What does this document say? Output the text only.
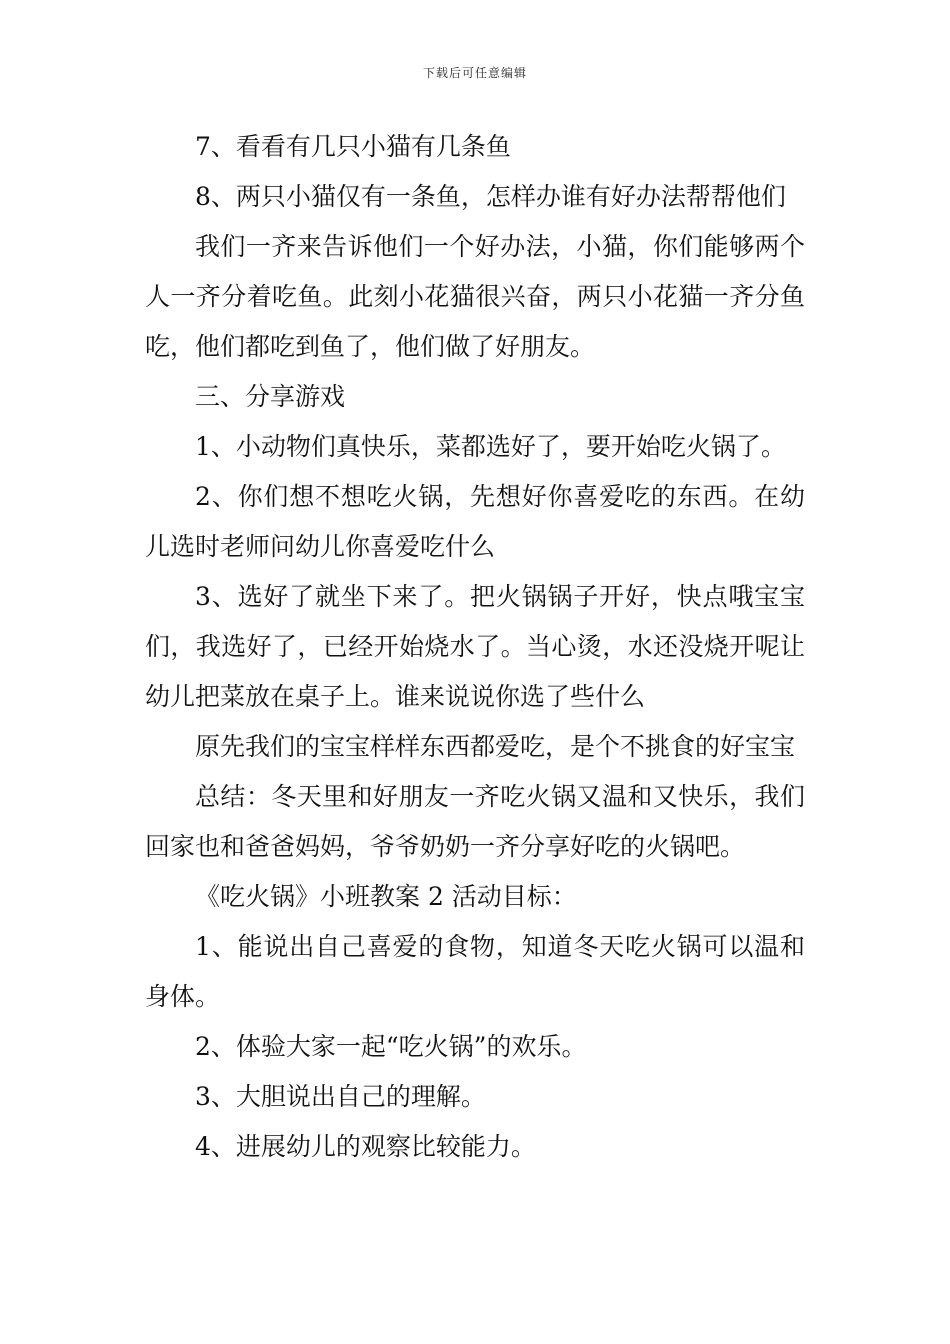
下载后可任意编辑

7、看看有几只小猫有几条鱼

8、两只小猫仅有一条鱼，怎样办谁有好办法帮帮他们

我们一齐来告诉他们一个好办法，小猫，你们能够两个人一齐分着吃鱼。此刻小花猫很兴奋，两只小花猫一齐分鱼吃，他们都吃到鱼了，他们做了好朋友。

三、分享游戏

1、小动物们真快乐，菜都选好了，要开始吃火锅了。

2、你们想不想吃火锅，先想好你喜爱吃的东西。在幼儿选时老师问幼儿你喜爱吃什么

3、选好了就坐下来了。把火锅锅子开好，快点哦宝宝们，我选好了，已经开始烧水了。当心烫，水还没烧开呢让幼儿把菜放在桌子上。谁来说说你选了些什么

原先我们的宝宝样样东西都爱吃，是个不挑食的好宝宝

总结：冬天里和好朋友一齐吃火锅又温和又快乐，我们回家也和爸爸妈妈，爷爷奶奶一齐分享好吃的火锅吧。

《吃火锅》小班教案 2 活动目标：

1、能说出自己喜爱的食物，知道冬天吃火锅可以温和身体。

2、体验大家一起“吃火锅”的欢乐。

3、大胆说出自己的理解。

4、进展幼儿的观察比较能力。
